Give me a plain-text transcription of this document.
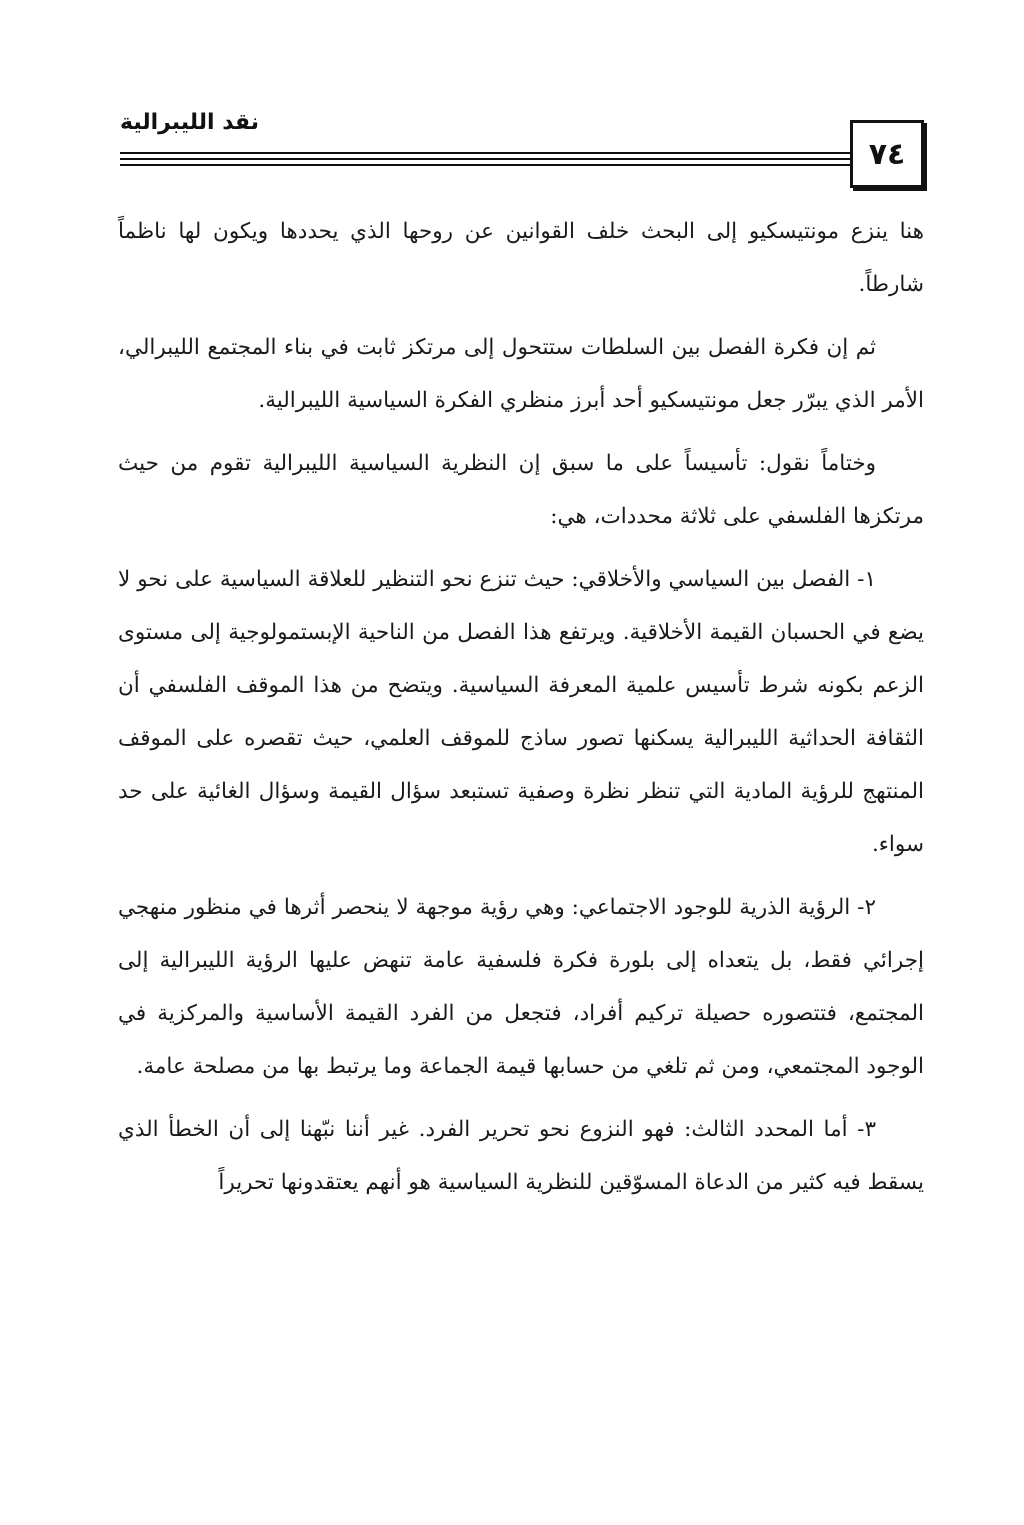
نقد الليبرالية
٧٤

هنا ينزع مونتيسكيو إلى البحث خلف القوانين عن روحها الذي يحددها ويكون لها ناظماً شارطاً.

ثم إن فكرة الفصل بين السلطات ستتحول إلى مرتكز ثابت في بناء المجتمع الليبرالي، الأمر الذي يبرّر جعل مونتيسكيو أحد أبرز منظري الفكرة السياسية الليبرالية.

وختاماً نقول: تأسيساً على ما سبق إن النظرية السياسية الليبرالية تقوم من حيث مرتكزها الفلسفي على ثلاثة محددات، هي:

١- الفصل بين السياسي والأخلاقي: حيث تنزع نحو التنظير للعلاقة السياسية على نحو لا يضع في الحسبان القيمة الأخلاقية. ويرتفع هذا الفصل من الناحية الإبستمولوجية إلى مستوى الزعم بكونه شرط تأسيس علمية المعرفة السياسية. ويتضح من هذا الموقف الفلسفي أن الثقافة الحداثية الليبرالية يسكنها تصور ساذج للموقف العلمي، حيث تقصره على الموقف المنتهج للرؤية المادية التي تنظر نظرة وصفية تستبعد سؤال القيمة وسؤال الغائية على حد سواء.

٢- الرؤية الذرية للوجود الاجتماعي: وهي رؤية موجهة لا ينحصر أثرها في منظور منهجي إجرائي فقط، بل يتعداه إلى بلورة فكرة فلسفية عامة تنهض عليها الرؤية الليبرالية إلى المجتمع، فتتصوره حصيلة تركيم أفراد، فتجعل من الفرد القيمة الأساسية والمركزية في الوجود المجتمعي، ومن ثم تلغي من حسابها قيمة الجماعة وما يرتبط بها من مصلحة عامة.

٣- أما المحدد الثالث: فهو النزوع نحو تحرير الفرد. غير أننا نبّهنا إلى أن الخطأ الذي يسقط فيه كثير من الدعاة المسوّقين للنظرية السياسية هو أنهم يعتقدونها تحريراً
